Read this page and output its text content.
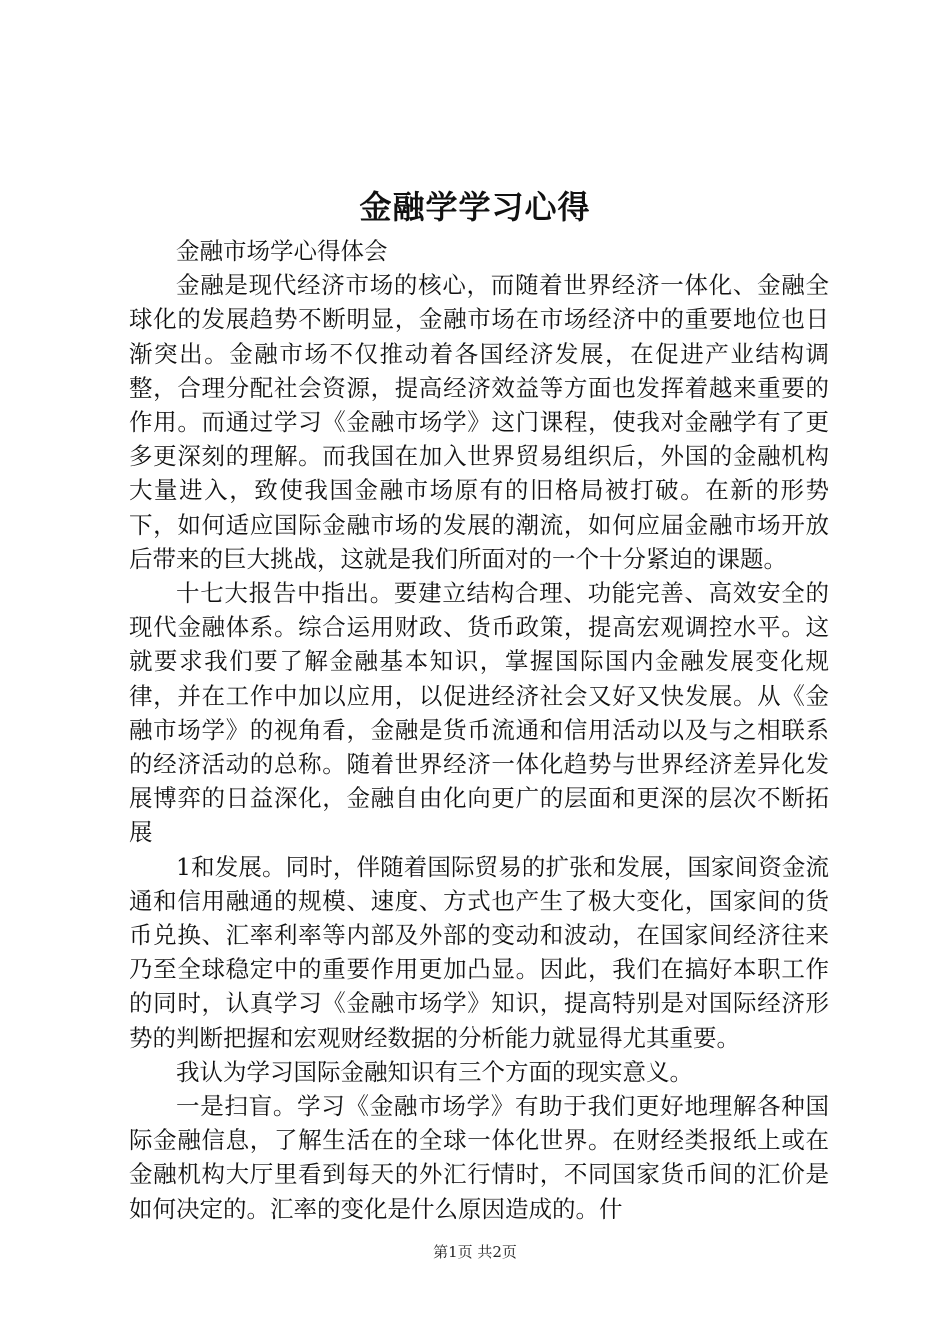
金融学学习心得

金融市场学心得体会

金融是现代经济市场的核心，而随着世界经济一体化、金融全球化的发展趋势不断明显，金融市场在市场经济中的重要地位也日渐突出。金融市场不仅推动着各国经济发展，在促进产业结构调整，合理分配社会资源，提高经济效益等方面也发挥着越来重要的作用。而通过学习《金融市场学》这门课程，使我对金融学有了更多更深刻的理解。而我国在加入世界贸易组织后，外国的金融机构大量进入，致使我国金融市场原有的旧格局被打破。在新的形势下，如何适应国际金融市场的发展的潮流，如何应届金融市场开放后带来的巨大挑战，这就是我们所面对的一个十分紧迫的课题。

十七大报告中指出。要建立结构合理、功能完善、高效安全的现代金融体系。综合运用财政、货币政策，提高宏观调控水平。这就要求我们要了解金融基本知识，掌握国际国内金融发展变化规律，并在工作中加以应用，以促进经济社会又好又快发展。从《金融市场学》的视角看，金融是货币流通和信用活动以及与之相联系的经济活动的总称。随着世界经济一体化趋势与世界经济差异化发展博弈的日益深化，金融自由化向更广的层面和更深的层次不断拓展

1和发展。同时，伴随着国际贸易的扩张和发展，国家间资金流通和信用融通的规模、速度、方式也产生了极大变化，国家间的货币兑换、汇率利率等内部及外部的变动和波动，在国家间经济往来乃至全球稳定中的重要作用更加凸显。因此，我们在搞好本职工作的同时，认真学习《金融市场学》知识，提高特别是对国际经济形势的判断把握和宏观财经数据的分析能力就显得尤其重要。

我认为学习国际金融知识有三个方面的现实意义。

一是扫盲。学习《金融市场学》有助于我们更好地理解各种国际金融信息，了解生活在的全球一体化世界。在财经类报纸上或在金融机构大厅里看到每天的外汇行情时，不同国家货币间的汇价是如何决定的。汇率的变化是什么原因造成的。什

第1页 共2页
